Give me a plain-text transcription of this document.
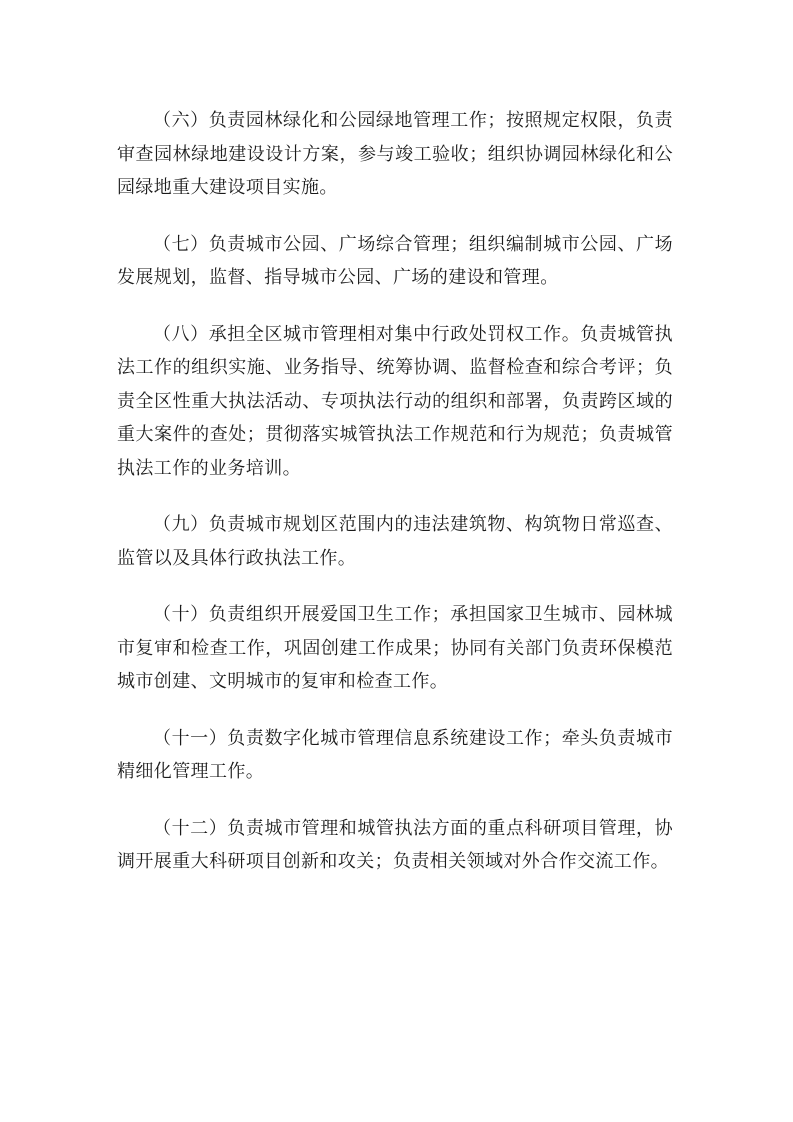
（六）负责园林绿化和公园绿地管理工作；按照规定权限，负责审查园林绿地建设设计方案，参与竣工验收；组织协调园林绿化和公园绿地重大建设项目实施。

（七）负责城市公园、广场综合管理；组织编制城市公园、广场发展规划，监督、指导城市公园、广场的建设和管理。

（八）承担全区城市管理相对集中行政处罚权工作。负责城管执法工作的组织实施、业务指导、统筹协调、监督检查和综合考评；负责全区性重大执法活动、专项执法行动的组织和部署，负责跨区域的重大案件的查处；贯彻落实城管执法工作规范和行为规范；负责城管执法工作的业务培训。

（九）负责城市规划区范围内的违法建筑物、构筑物日常巡查、监管以及具体行政执法工作。

（十）负责组织开展爱国卫生工作；承担国家卫生城市、园林城市复审和检查工作，巩固创建工作成果；协同有关部门负责环保模范城市创建、文明城市的复审和检查工作。

（十一）负责数字化城市管理信息系统建设工作；牵头负责城市精细化管理工作。

（十二）负责城市管理和城管执法方面的重点科研项目管理，协调开展重大科研项目创新和攻关；负责相关领域对外合作交流工作。
